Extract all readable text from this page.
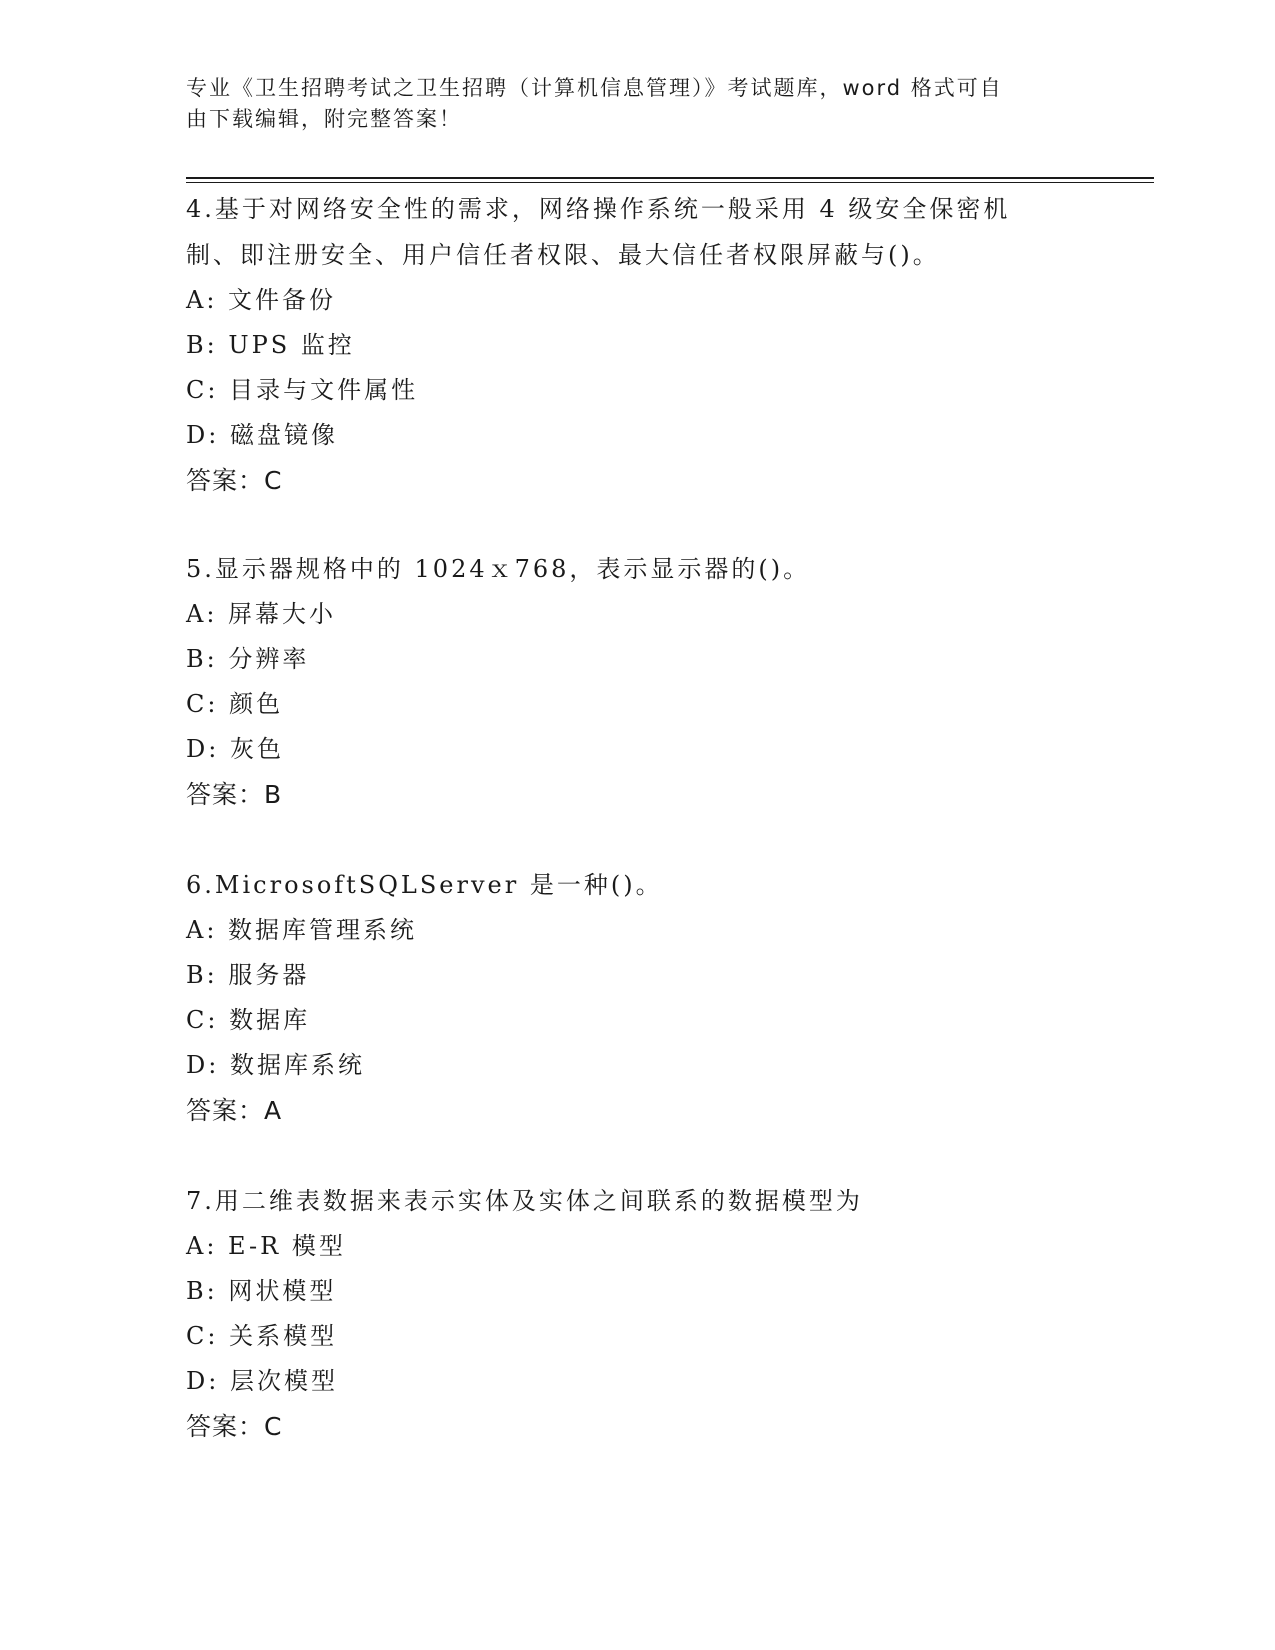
专业《卫生招聘考试之卫生招聘（计算机信息管理）》考试题库，word 格式可自
由下载编辑，附完整答案！
4.基于对网络安全性的需求，网络操作系统一般采用 4 级安全保密机
制、即注册安全、用户信任者权限、最大信任者权限屏蔽与()。
A: 文件备份
B: UPS 监控
C: 目录与文件属性
D: 磁盘镜像
答案：C
5.显示器规格中的 1024ｘ768，表示显示器的()。
A: 屏幕大小
B: 分辨率
C: 颜色
D: 灰色
答案：B
6.MicrosoftSQLServer 是一种()。
A: 数据库管理系统
B: 服务器
C: 数据库
D: 数据库系统
答案：A
7.用二维表数据来表示实体及实体之间联系的数据模型为
A: E-R 模型
B: 网状模型
C: 关系模型
D: 层次模型
答案：C
